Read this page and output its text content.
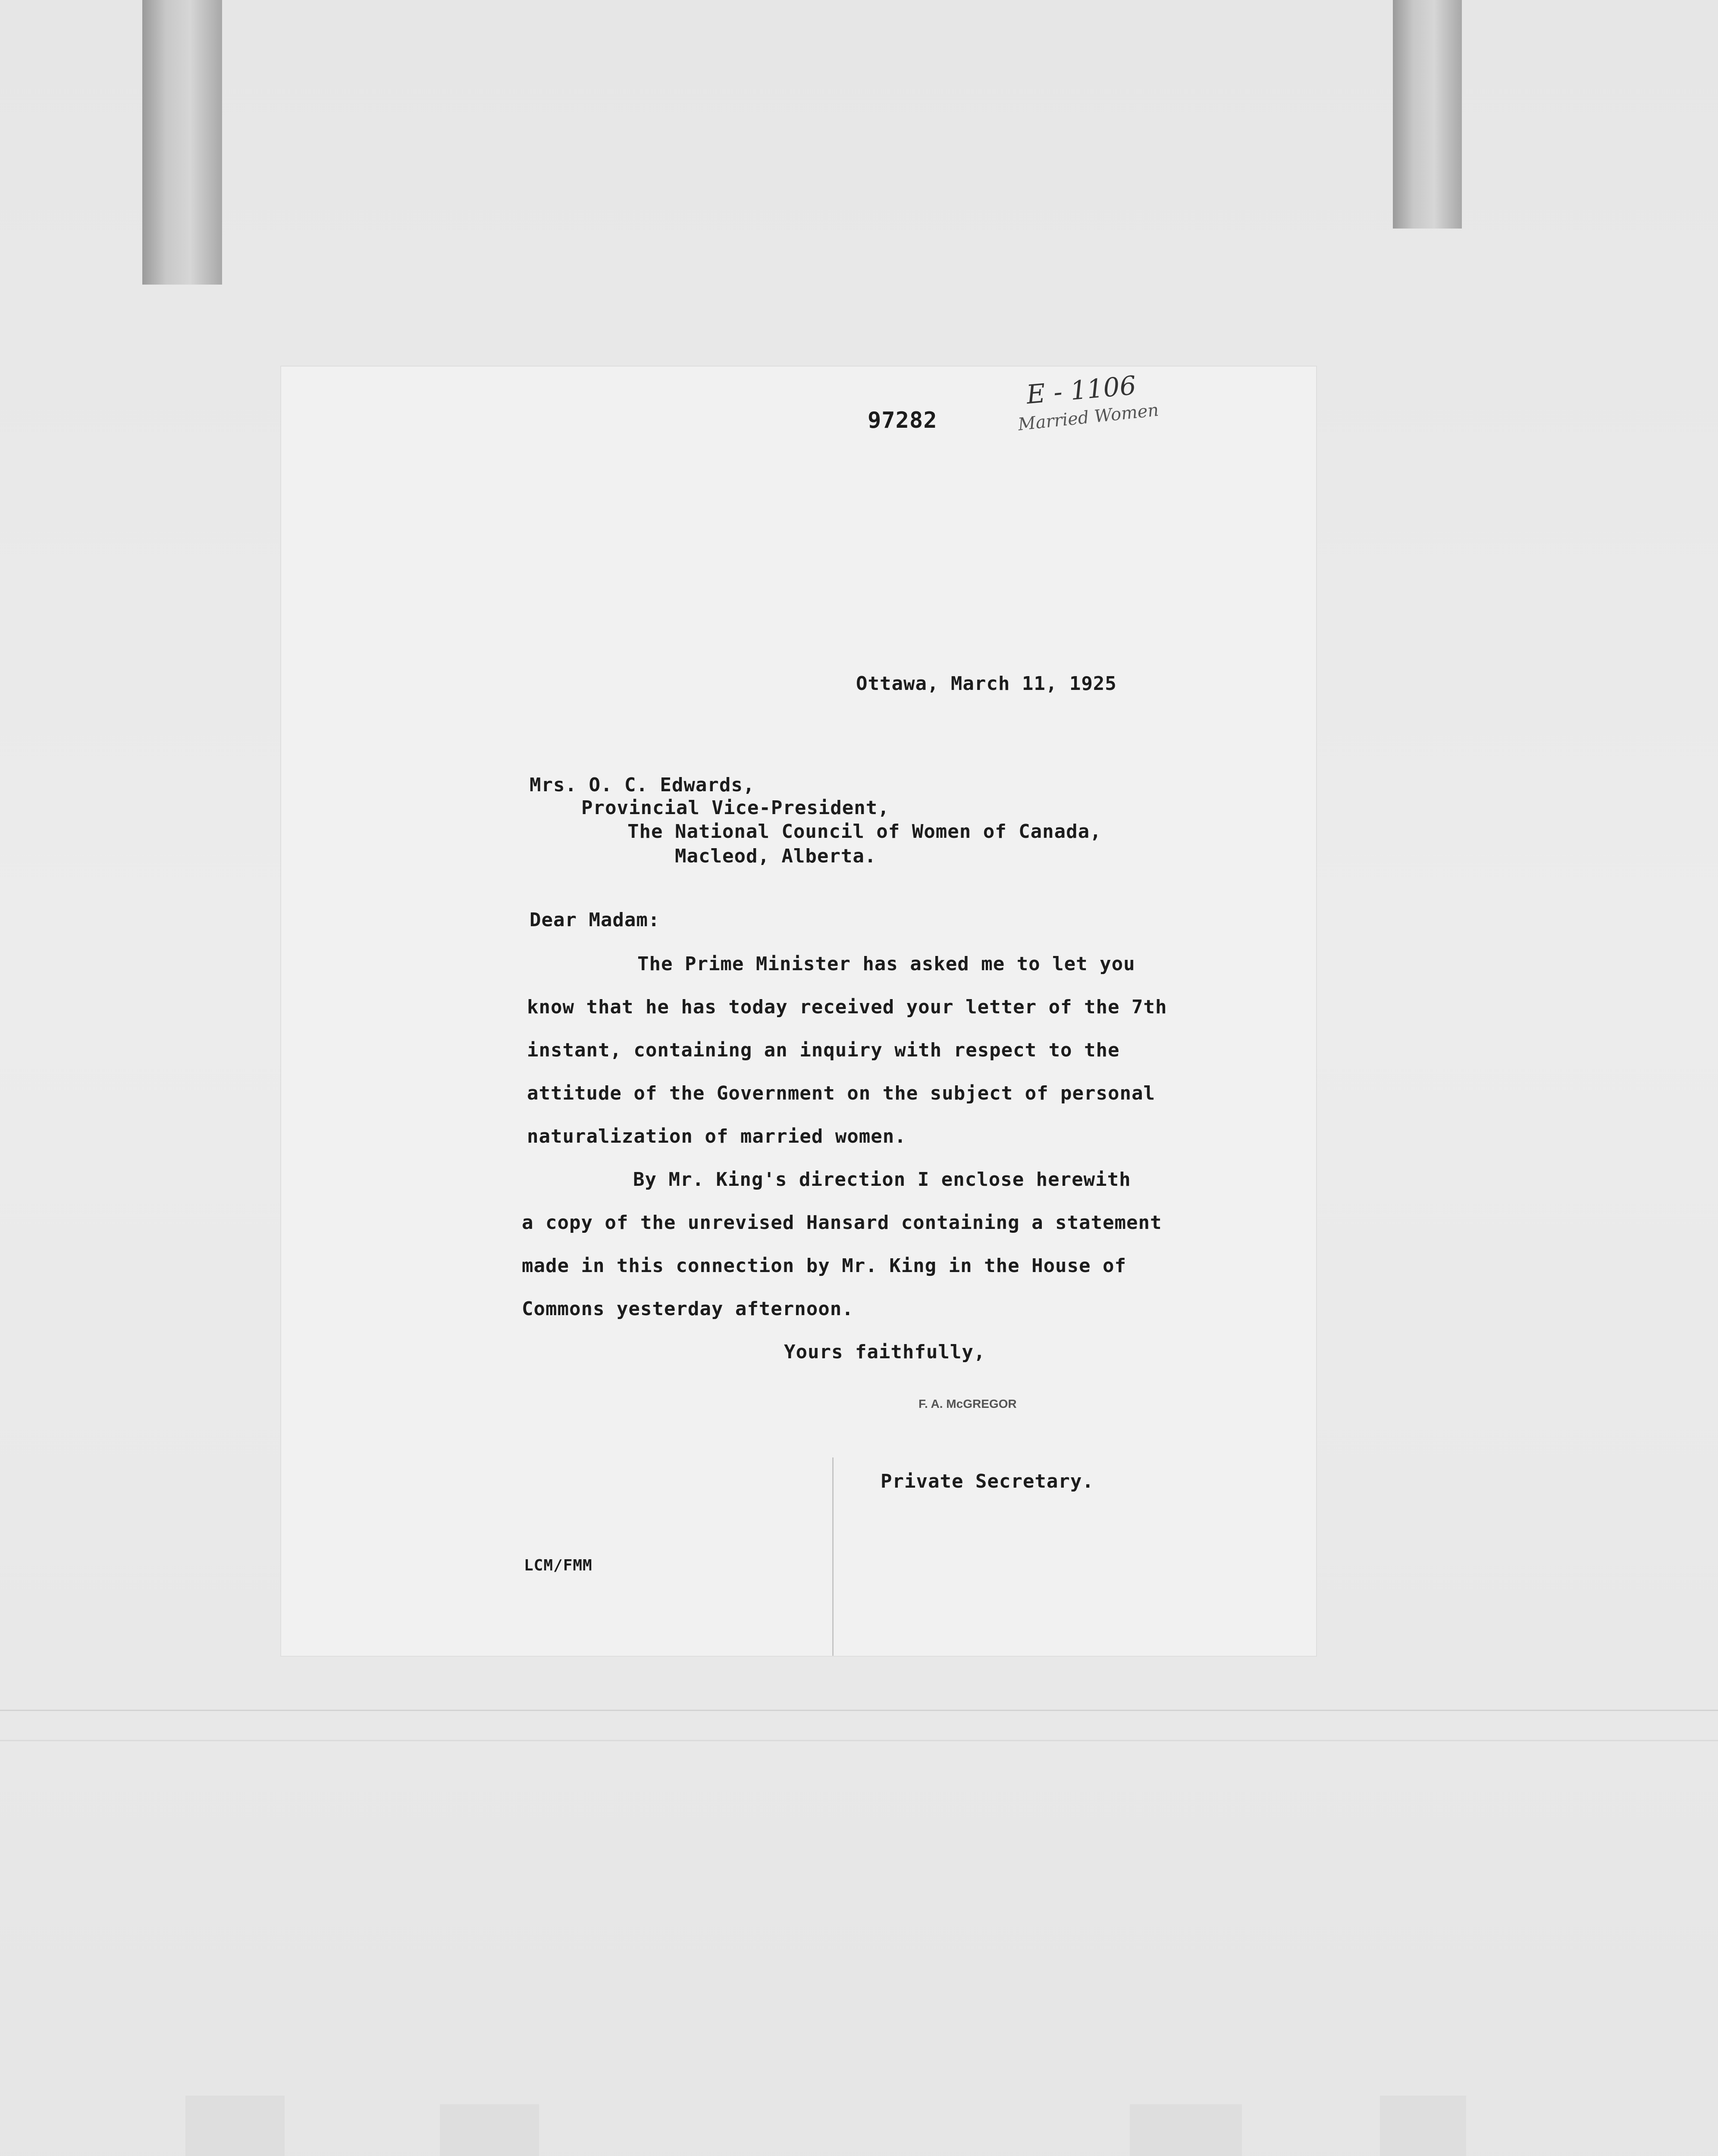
97282
E - 1106
Married Women
Ottawa, March 11, 1925
Mrs. O. C. Edwards,
Provincial Vice-President,
The National Council of Women of Canada,
Macleod, Alberta.
Dear Madam:
The Prime Minister has asked me to let you
know that he has today received your letter of the 7th
instant, containing an inquiry with respect to the
attitude of the Government on the subject of personal
naturalization of married women.
By Mr. King's direction I enclose herewith
a copy of the unrevised Hansard containing a statement
made in this connection by Mr. King in the House of
Commons yesterday afternoon.
Yours faithfully,
F. A. McGREGOR
Private Secretary.
LCM/FMM
